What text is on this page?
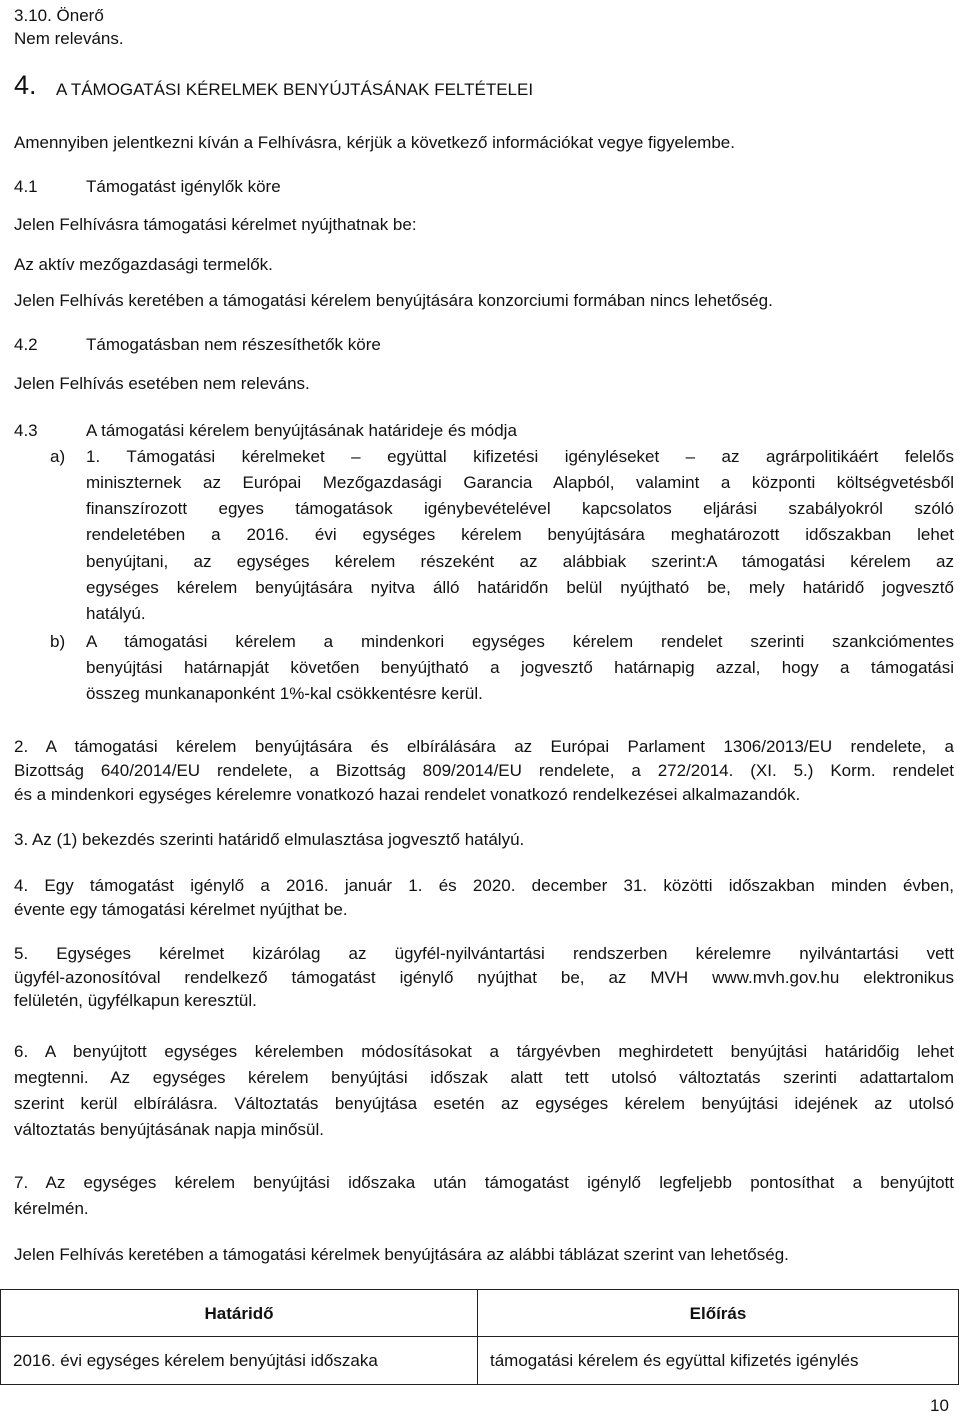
3.10. Önerő
Nem releváns.
4. A TÁMOGATÁSI KÉRELMEK BENYÚJTÁSÁNAK FELTÉTELEI
Amennyiben jelentkezni kíván a Felhívásra, kérjük a következő információkat vegye figyelembe.
4.1	Támogatást igénylők köre
Jelen Felhívásra támogatási kérelmet nyújthatnak be:
Az aktív mezőgazdasági termelők.
Jelen Felhívás keretében a támogatási kérelem benyújtására konzorciumi formában nincs lehetőség.
4.2	Támogatásban nem részesíthetők köre
Jelen Felhívás esetében nem releváns.
4.3	A támogatási kérelem benyújtásának határideje és módja
a) 1. Támogatási kérelmeket – együttal kifizetési igényléseket – az agrárpolitikáért felelős
miniszternek az Európai Mezőgazdasági Garancia Alapból, valamint a központi költségvetésből
finanszírozott egyes támogatások igénybevételével kapcsolatos eljárási szabályokról szóló
rendeletében a 2016. évi egységes kérelem benyújtására meghatározott időszakban lehet
benyújtani, az egységes kérelem részeként az alábbiak szerint:A támogatási kérelem az
egységes kérelem benyújtására nyitva álló határidőn belül nyújtható be, mely határidő jogvesztő
hatályú.
b) A támogatási kérelem a mindenkori egységes kérelem rendelet szerinti szankciómentes
benyújtási határnapját követően benyújtható a jogvesztő határnapig azzal, hogy a támogatási
összeg munkanaponként 1%-kal csökkentésre kerül.
2. A támogatási kérelem benyújtására és elbírálására az Európai Parlament 1306/2013/EU rendelete, a
Bizottság 640/2014/EU rendelete, a Bizottság 809/2014/EU rendelete, a 272/2014. (XI. 5.) Korm. rendelet
és a mindenkori egységes kérelemre vonatkozó hazai rendelet vonatkozó rendelkezései alkalmazandók.
3. Az (1) bekezdés szerinti határidő elmulasztása jogvesztő hatályú.
4. Egy támogatást igénylő a 2016. január 1. és 2020. december 31. közötti időszakban minden évben,
évente egy támogatási kérelmet nyújthat be.
5. Egységes kérelmet kizárólag az ügyfél-nyilvántartási rendszerben kérelemre nyilvántartási vett
ügyfél-azonosítóval rendelkező támogatást igénylő nyújthat be, az MVH www.mvh.gov.hu elektronikus
felületén, ügyfélkapun keresztül.
6. A benyújtott egységes kérelemben módosításokat a tárgyévben meghirdetett benyújtási határidőig lehet
megtenni. Az egységes kérelem benyújtási időszak alatt tett utolsó változtatás szerinti adattartalom
szerint kerül elbírálásra. Változtatás benyújtása esetén az egységes kérelem benyújtási idejének az utolsó
változtatás benyújtásának napja minősül.
7. Az egységes kérelem benyújtási időszaka után támogatást igénylő legfeljebb pontosíthat a benyújtott
kérelmén.
Jelen Felhívás keretében a támogatási kérelmek benyújtására az alábbi táblázat szerint van lehetőség.
Határidő	Előírás
2016. évi egységes kérelem benyújtási időszaka	támogatási kérelem és együttal kifizetés igénylés
10
